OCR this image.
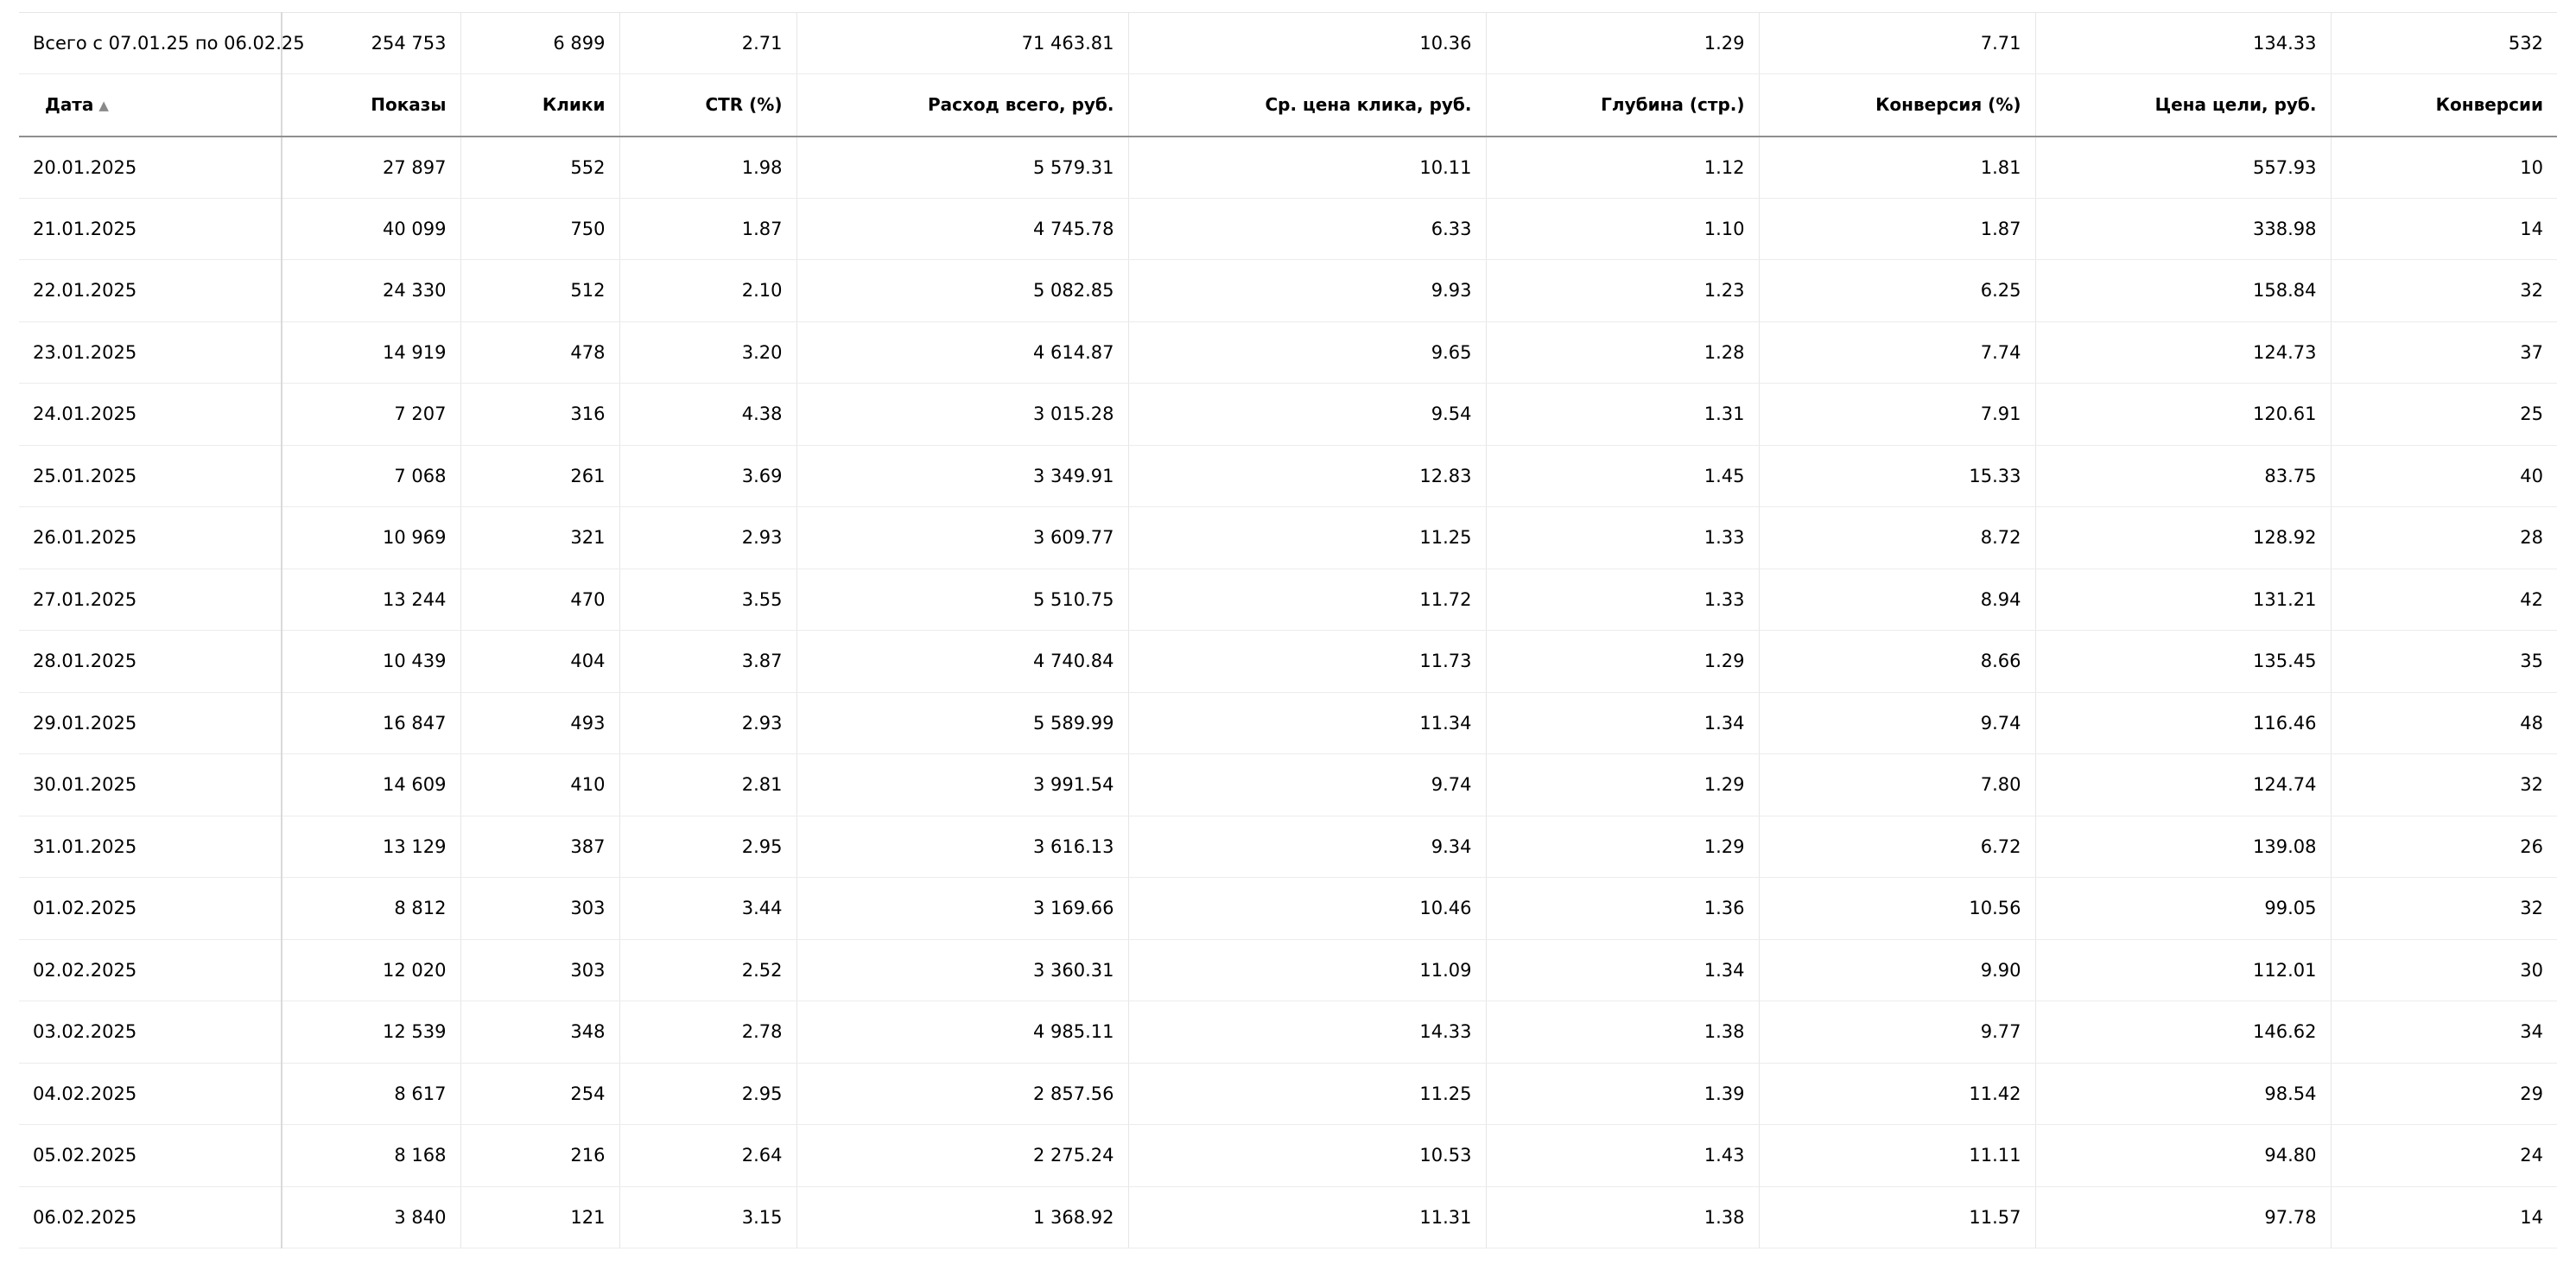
Всего с 07.01.25 по 06.02.25	254 753	6 899	2.71	71 463.81	10.36	1.29	7.71	134.33	532
Дата ▲	Показы	Клики	CTR (%)	Расход всего, руб.	Ср. цена клика, руб.	Глубина (стр.)	Конверсия (%)	Цена цели, руб.	Конверсии
20.01.2025	27 897	552	1.98	5 579.31	10.11	1.12	1.81	557.93	10
21.01.2025	40 099	750	1.87	4 745.78	6.33	1.10	1.87	338.98	14
22.01.2025	24 330	512	2.10	5 082.85	9.93	1.23	6.25	158.84	32
23.01.2025	14 919	478	3.20	4 614.87	9.65	1.28	7.74	124.73	37
24.01.2025	7 207	316	4.38	3 015.28	9.54	1.31	7.91	120.61	25
25.01.2025	7 068	261	3.69	3 349.91	12.83	1.45	15.33	83.75	40
26.01.2025	10 969	321	2.93	3 609.77	11.25	1.33	8.72	128.92	28
27.01.2025	13 244	470	3.55	5 510.75	11.72	1.33	8.94	131.21	42
28.01.2025	10 439	404	3.87	4 740.84	11.73	1.29	8.66	135.45	35
29.01.2025	16 847	493	2.93	5 589.99	11.34	1.34	9.74	116.46	48
30.01.2025	14 609	410	2.81	3 991.54	9.74	1.29	7.80	124.74	32
31.01.2025	13 129	387	2.95	3 616.13	9.34	1.29	6.72	139.08	26
01.02.2025	8 812	303	3.44	3 169.66	10.46	1.36	10.56	99.05	32
02.02.2025	12 020	303	2.52	3 360.31	11.09	1.34	9.90	112.01	30
03.02.2025	12 539	348	2.78	4 985.11	14.33	1.38	9.77	146.62	34
04.02.2025	8 617	254	2.95	2 857.56	11.25	1.39	11.42	98.54	29
05.02.2025	8 168	216	2.64	2 275.24	10.53	1.43	11.11	94.80	24
06.02.2025	3 840	121	3.15	1 368.92	11.31	1.38	11.57	97.78	14
